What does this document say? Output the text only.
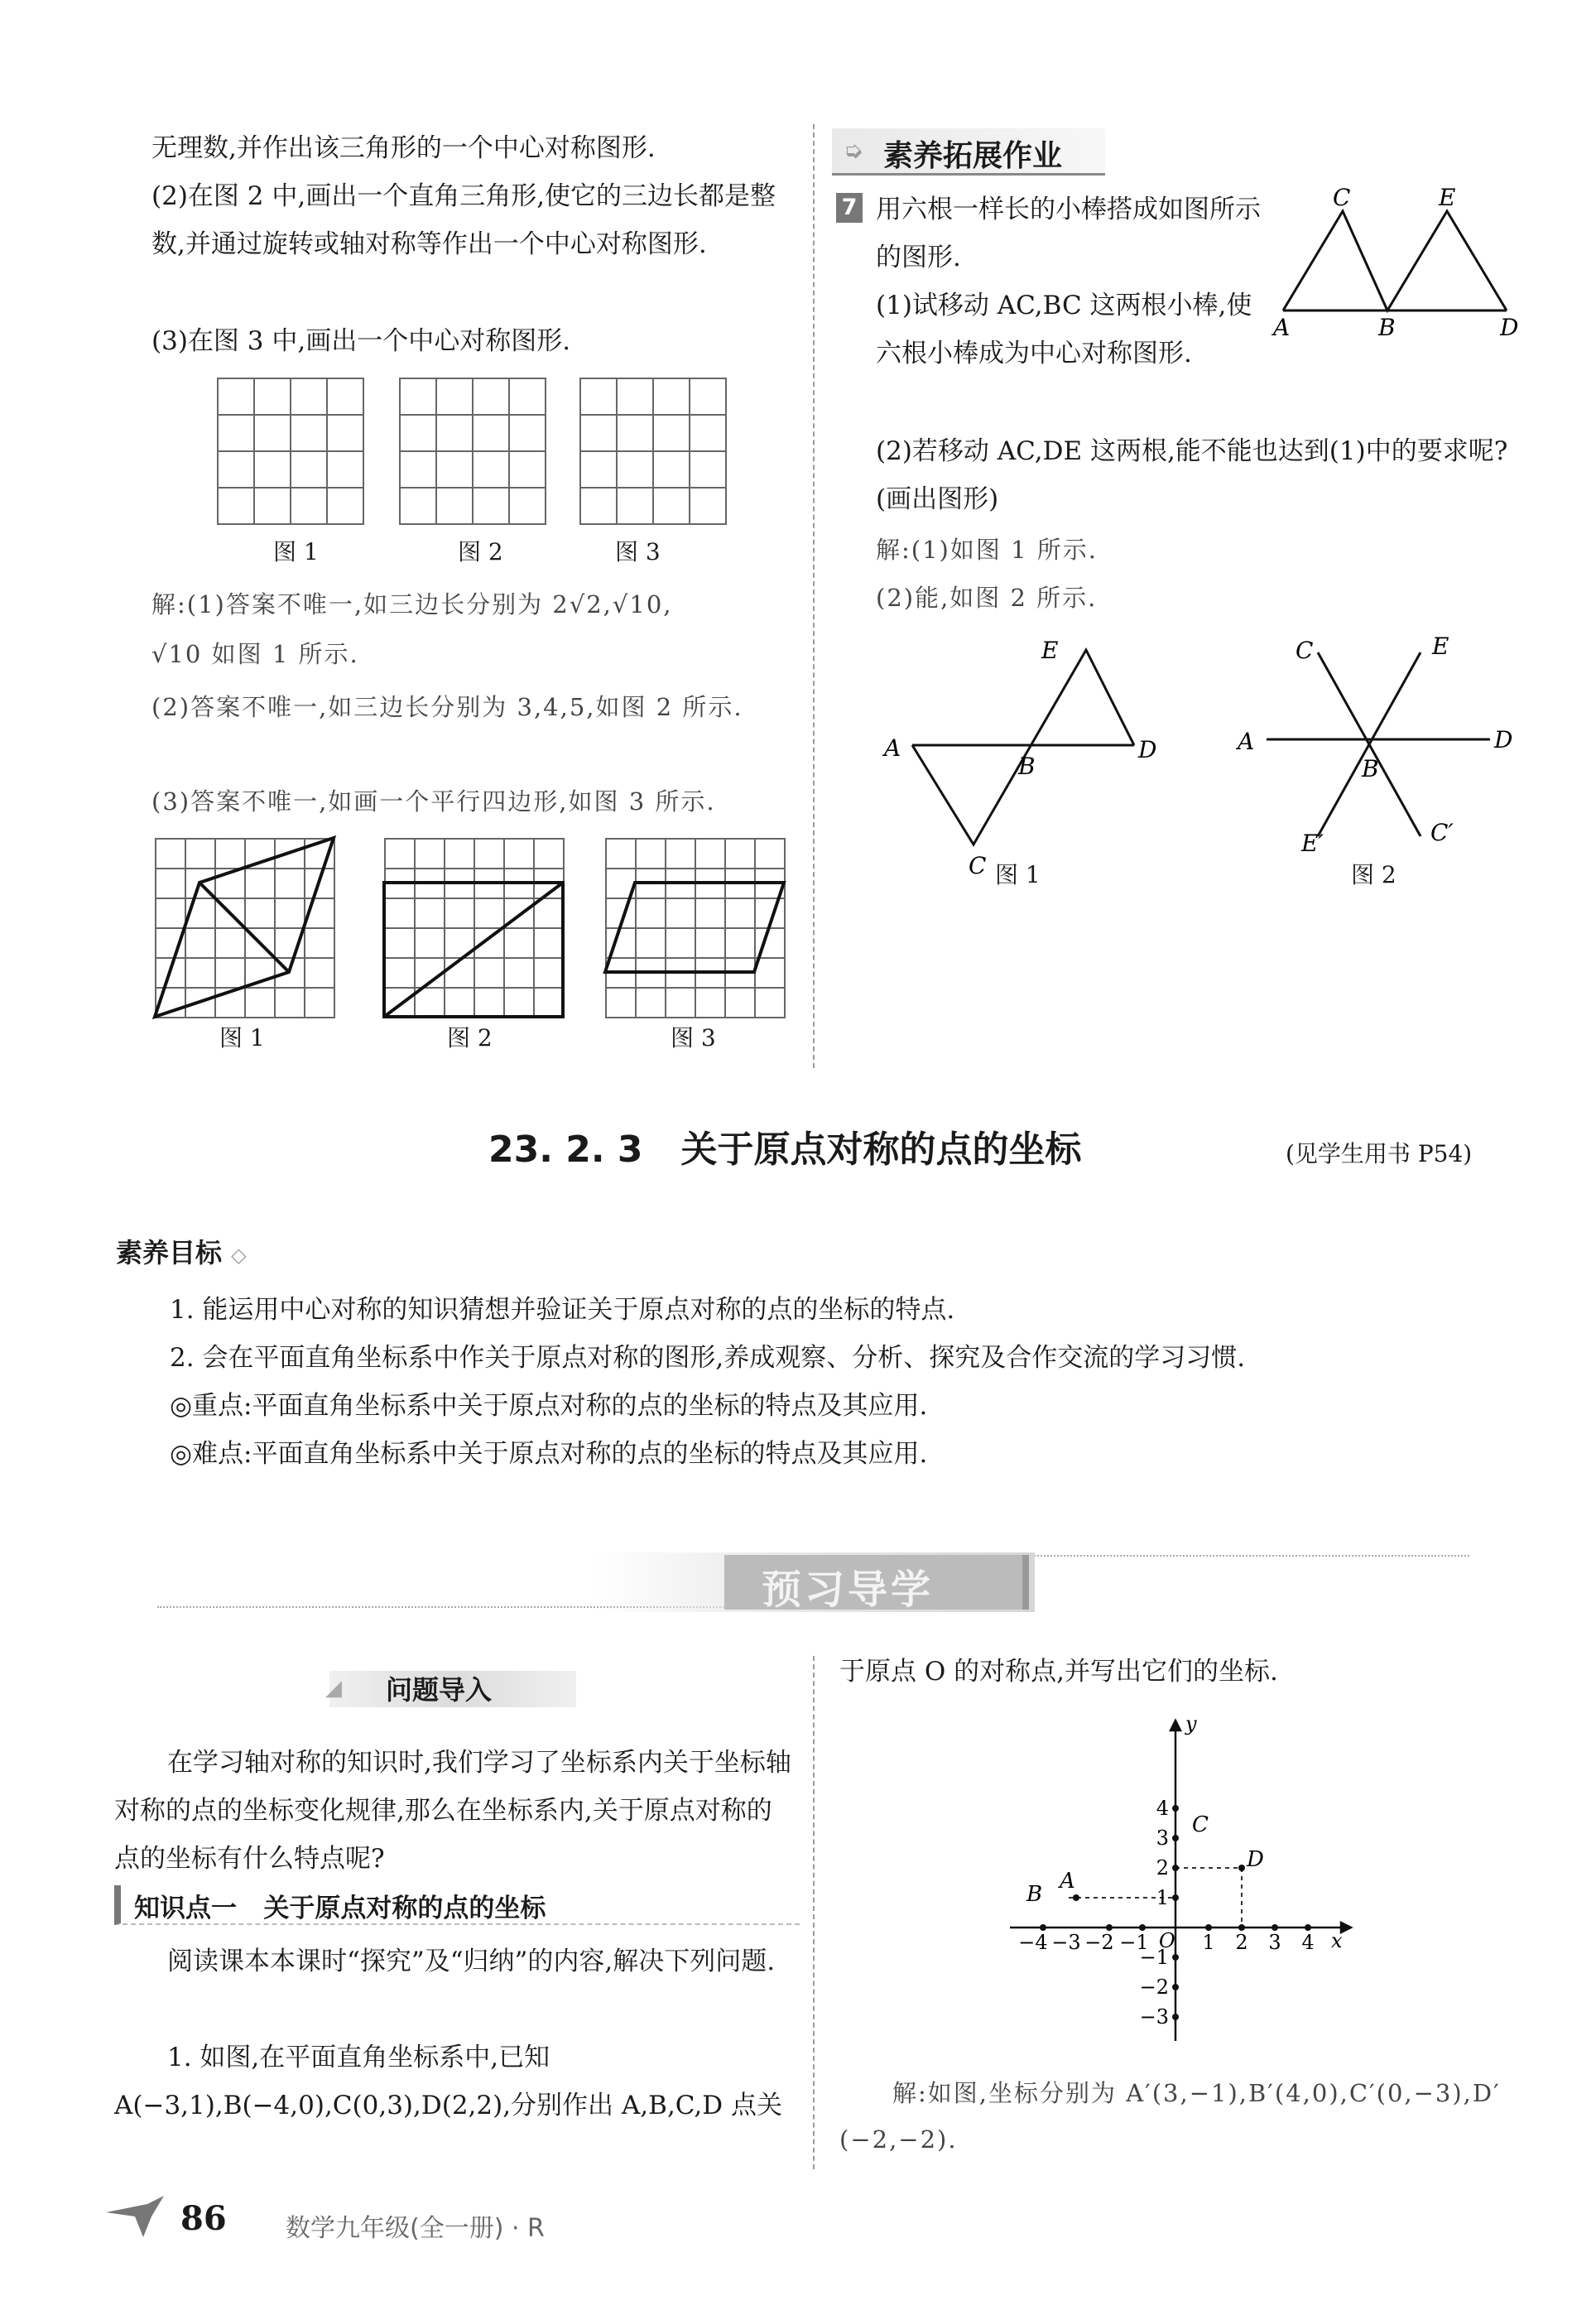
无理数,并作出该三角形的一个中心对称图形.
(2)在图 2 中,画出一个直角三角形,使它的三边长都是整数,并通过旋转或轴对称等作出一个中心对称图形.
(3)在图 3 中,画出一个中心对称图形.
图 1	图 2	图 3
解:(1)答案不唯一,如三边长分别为 2√2,√10,
√10 如图 1 所示.
(2)答案不唯一,如三边长分别为 3,4,5,如图 2 所示.
(3)答案不唯一,如画一个平行四边形,如图 3 所示.
图 1	图 2	图 3
➭ 素养拓展作业
7 用六根一样长的小棒搭成如图所示的图形.
(1)试移动 AC,BC 这两根小棒,使六根小棒成为中心对称图形.
(2)若移动 AC,DE 这两根,能不能也达到(1)中的要求呢?(画出图形)
解:(1)如图 1 所示.
(2)能,如图 2 所示.
A
C
B
E
D
A
B
C
D
E
图 1
A
B
C	E
D
E′	C′
图 2
23. 2. 3   关于原点对称的点的坐标	(见学生用书 P54)
素养目标 ◇
1. 能运用中心对称的知识猜想并验证关于原点对称的点的坐标的特点.
2. 会在平面直角坐标系中作关于原点对称的图形,养成观察、分析、探究及合作交流的学习习惯.
◎重点:平面直角坐标系中关于原点对称的点的坐标的特点及其应用.
◎难点:平面直角坐标系中关于原点对称的点的坐标的特点及其应用.
预习导学
◢ 问题导入
在学习轴对称的知识时,我们学习了坐标系内关于坐标轴对称的点的坐标变化规律,那么在坐标系内,关于原点对称的点的坐标有什么特点呢?
知识点一   关于原点对称的点的坐标
阅读课本本课时“探究”及“归纳”的内容,解决下列问题.
1. 如图,在平面直角坐标系中,已知 A(−3,1),B(−4,0),C(0,3),D(2,2),分别作出 A,B,C,D 点关
于原点 O 的对称点,并写出它们的坐标.
y
x
O
−4 −3 −2 −1	1 2 3 4
4
3
2
1
−1
−2
−3
A
B
C
D
解:如图,坐标分别为 A′(3,−1),B′(4,0),C′(0,−3),D′(−2,−2).
86 数学九年级(全一册) · R
